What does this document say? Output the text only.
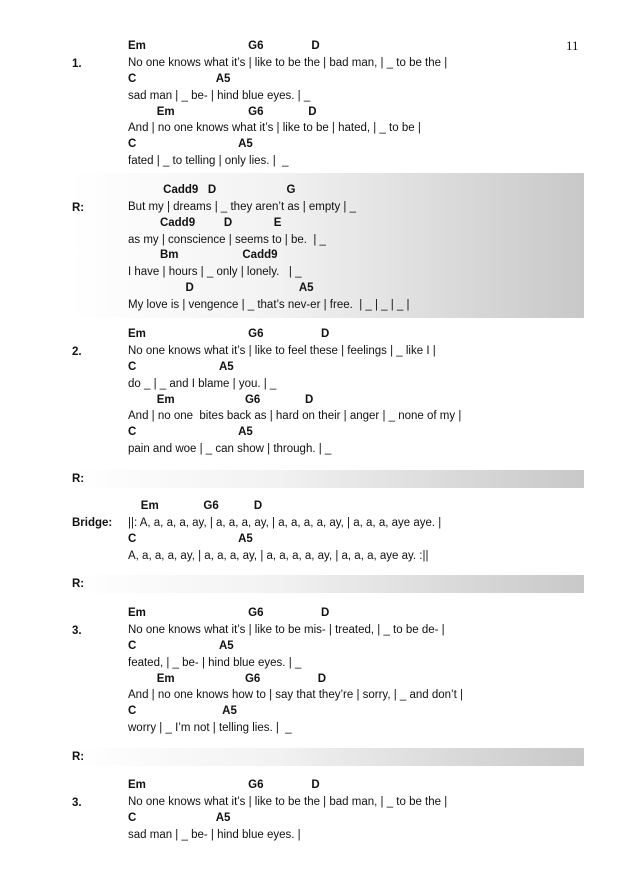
11
1.
Em                                G6               D
No one knows what it’s | like to be the | bad man, | _ to be the |
C                         A5
sad man | _ be- | hind blue eyes. | _
Em                       G6              D
And | no one knows what it’s | like to be | hated, | _ to be |
C                                A5
fated | _ to telling | only lies. |  _
R:
Cadd9   D                      G
But my | dreams | _ they aren’t as | empty | _
Cadd9         D             E
as my | conscience | seems to | be.  | _
Bm                    Cadd9
I have | hours | _ only | lonely.   | _
D                                 A5
My love is | vengence | _ that’s nev-er | free.  | _ | _ | _ |
2.
Em                                G6                  D
No one knows what it’s | like to feel these | feelings | _ like I |
C                          A5
do _ | _ and I blame | you. | _
Em                      G6              D
And | no one  bites back as | hard on their | anger | _ none of my |
C                                A5
pain and woe | _ can show | through. | _
R:
Bridge:
Em              G6           D
||: A, a, a, a, ay, | a, a, a, ay, | a, a, a, a, ay, | a, a, a, aye aye. |
C                                A5
A, a, a, a, ay, | a, a, a, ay, | a, a, a, a, ay, | a, a, a, aye ay. :||
R:
3.
Em                                G6                  D
No one knows what it’s | like to be mis- | treated, | _ to be de- |
C                          A5
feated, | _ be- | hind blue eyes. | _
Em                      G6                  D
And | no one knows how to | say that they’re | sorry, | _ and don’t |
C                           A5
worry | _ I’m not | telling lies. |  _
R:
3.
Em                                G6               D
No one knows what it’s | like to be the | bad man, | _ to be the |
C                         A5
sad man | _ be- | hind blue eyes. |
